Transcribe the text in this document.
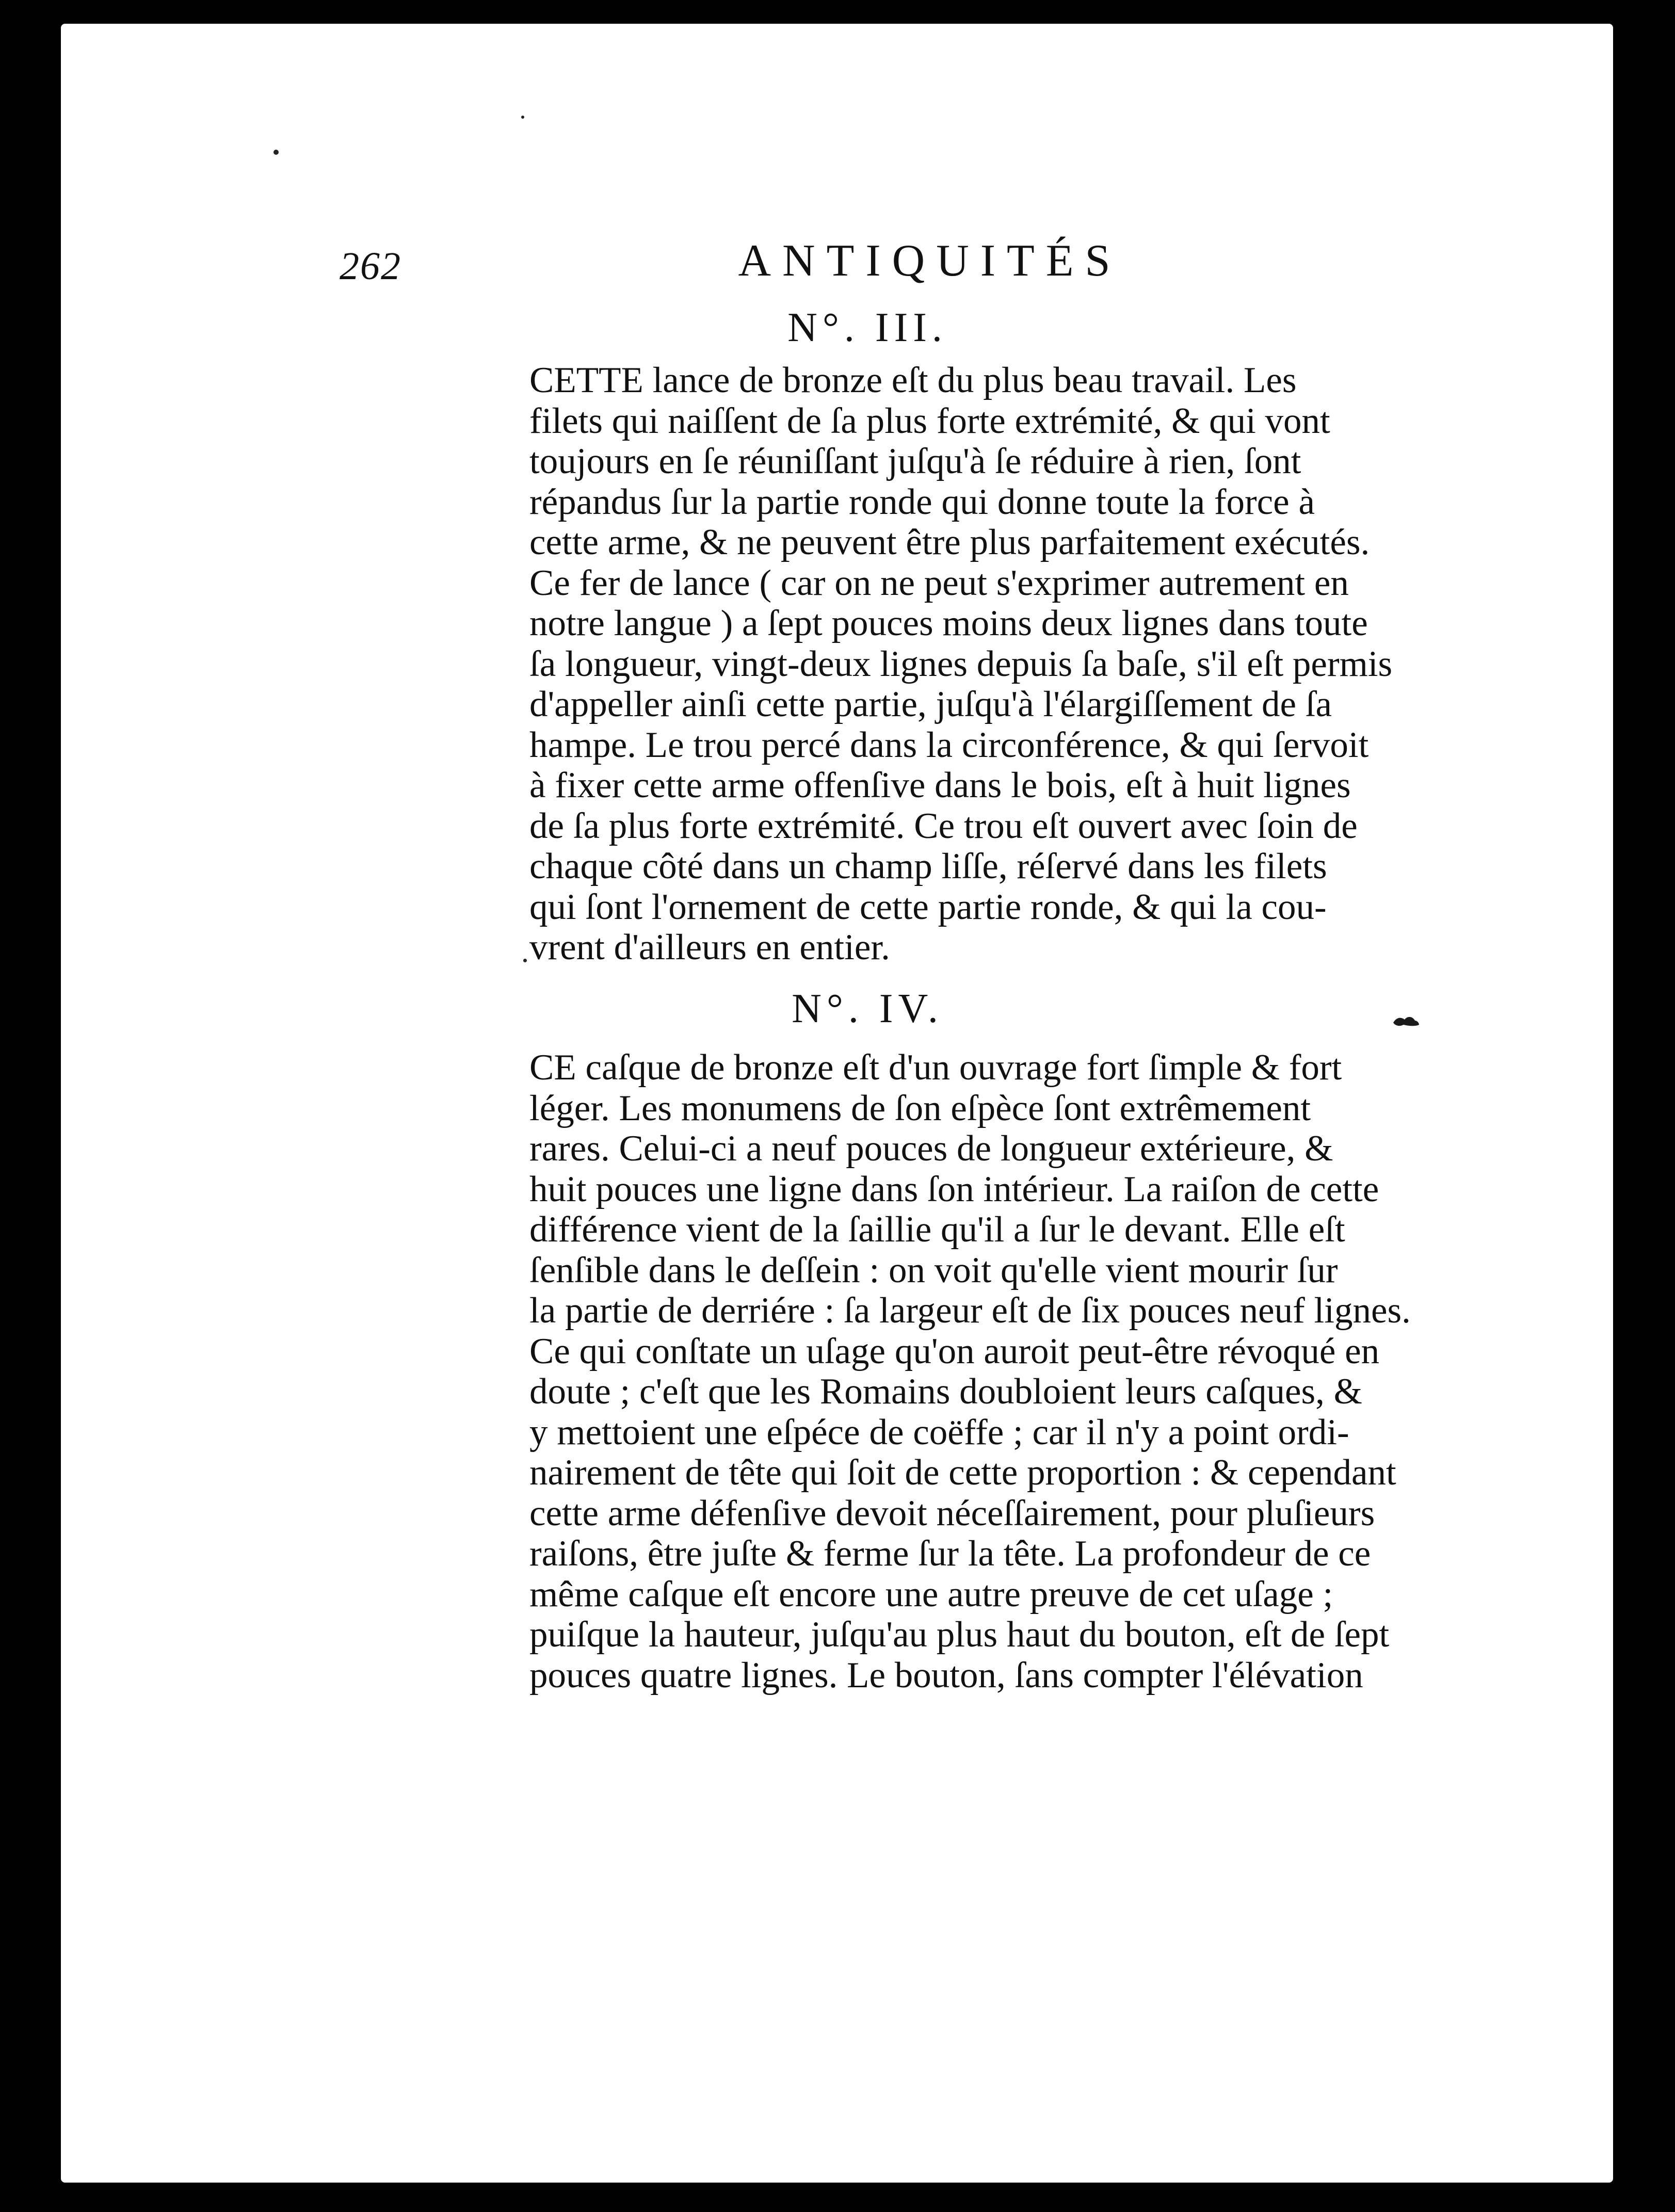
262	ANTIQUITÉS
N°. III.
CETTE lance de bronze eſt du plus beau travail. Les
filets qui naiſſent de ſa plus forte extrémité, & qui vont
toujours en ſe réuniſſant juſqu'à ſe réduire à rien, ſont
répandus ſur la partie ronde qui donne toute la force à
cette arme, & ne peuvent être plus parfaitement exécutés.
Ce fer de lance ( car on ne peut s'exprimer autrement en
notre langue ) a ſept pouces moins deux lignes dans toute
ſa longueur, vingt-deux lignes depuis ſa baſe, s'il eſt permis
d'appeller ainſi cette partie, juſqu'à l'élargiſſement de ſa
hampe. Le trou percé dans la circonférence, & qui ſervoit
à fixer cette arme offenſive dans le bois, eſt à huit lignes
de ſa plus forte extrémité. Ce trou eſt ouvert avec ſoin de
chaque côté dans un champ liſſe, réſervé dans les filets
qui ſont l'ornement de cette partie ronde, & qui la cou-
vrent d'ailleurs en entier.
N°. IV.
CE caſque de bronze eſt d'un ouvrage fort ſimple & fort
léger. Les monumens de ſon eſpèce ſont extrêmement
rares. Celui-ci a neuf pouces de longueur extérieure, &
huit pouces une ligne dans ſon intérieur. La raiſon de cette
différence vient de la ſaillie qu'il a ſur le devant. Elle eſt
ſenſible dans le deſſein : on voit qu'elle vient mourir ſur
la partie de derriére : ſa largeur eſt de ſix pouces neuf lignes.
Ce qui conſtate un uſage qu'on auroit peut-être révoqué en
doute ; c'eſt que les Romains doubloient leurs caſques, &
y mettoient une eſpéce de coëffe ; car il n'y a point ordi-
nairement de tête qui ſoit de cette proportion : & cependant
cette arme défenſive devoit néceſſairement, pour pluſieurs
raiſons, être juſte & ferme ſur la tête. La profondeur de ce
même caſque eſt encore une autre preuve de cet uſage ;
puiſque la hauteur, juſqu'au plus haut du bouton, eſt de ſept
pouces quatre lignes. Le bouton, ſans compter l'élévation
